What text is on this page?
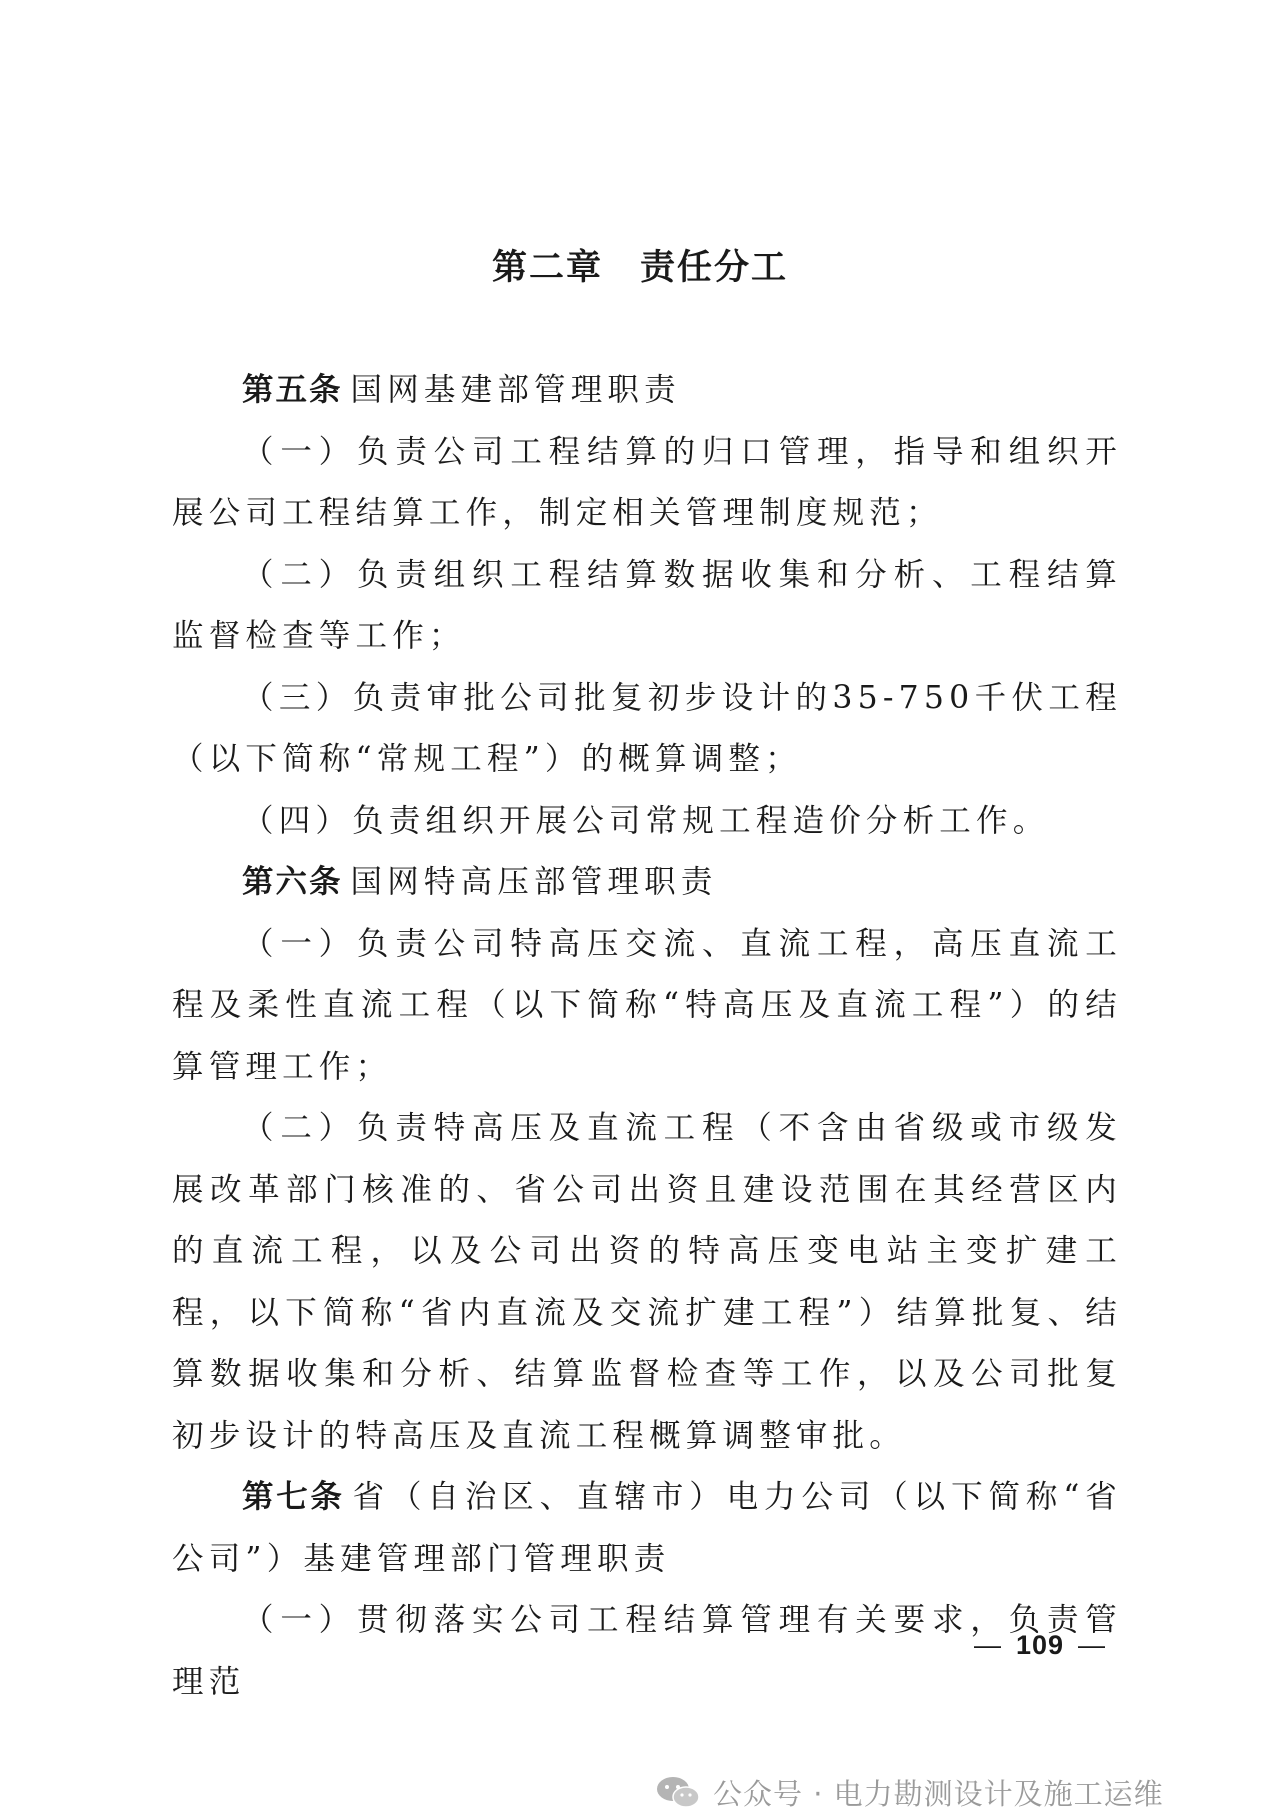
第二章　责任分工

第五条 国网基建部管理职责

（一）负责公司工程结算的归口管理，指导和组织开展公司工程结算工作，制定相关管理制度规范；

（二）负责组织工程结算数据收集和分析、工程结算监督检查等工作；

（三）负责审批公司批复初步设计的35-750千伏工程（以下简称“常规工程”）的概算调整；

（四）负责组织开展公司常规工程造价分析工作。

第六条 国网特高压部管理职责

（一）负责公司特高压交流、直流工程，高压直流工程及柔性直流工程（以下简称“特高压及直流工程”）的结算管理工作；

（二）负责特高压及直流工程（不含由省级或市级发展改革部门核准的、省公司出资且建设范围在其经营区内的直流工程，以及公司出资的特高压变电站主变扩建工程，以下简称“省内直流及交流扩建工程”）结算批复、结算数据收集和分析、结算监督检查等工作，以及公司批复初步设计的特高压及直流工程概算调整审批。

第七条 省（自治区、直辖市）电力公司（以下简称“省公司”）基建管理部门管理职责

（一）贯彻落实公司工程结算管理有关要求，负责管理范

— 109 —
公众号 · 电力勘测设计及施工运维
